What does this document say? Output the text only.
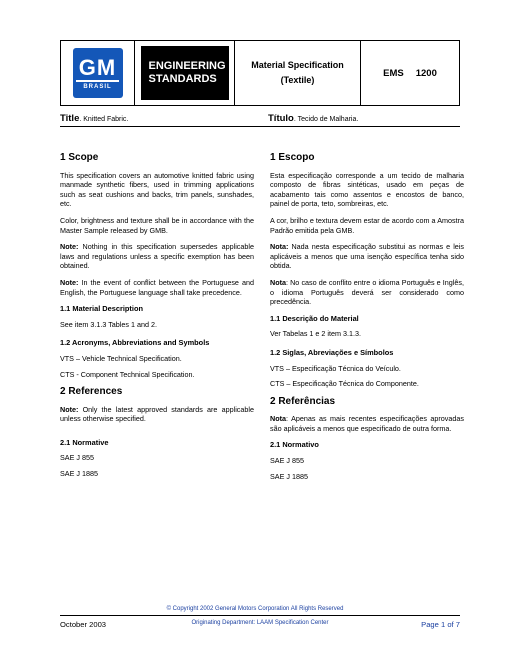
GM
BRASIL
ENGINEERING
STANDARDS
Material Specification
(Textile)
EMS 1200
Title. Knitted Fabric.	Título. Tecido de Malharia.
1 Scope

This specification covers an automotive knitted fabric using manmade synthetic fibers, used in trimming applications such as seat cushions and backs, trim panels, sunshades, etc.

Color, brightness and texture shall be in accordance with the Master Sample released by GMB.

Note: Nothing in this specification supersedes applicable laws and regulations unless a specific exemption has been obtained.

Note: In the event of conflict between the Portuguese and English, the Portuguese language shall take precedence.

1.1 Material Description

See item 3.1.3 Tables 1 and 2.

1.2 Acronyms, Abbreviations and Symbols

VTS – Vehicle Technical Specification.

CTS - Component Technical Specification.

2 References

Note: Only the latest approved standards are applicable unless otherwise specified.

2.1 Normative

SAE J 855

SAE J 1885

1 Escopo

Esta especificação corresponde a um tecido de malharia composto de fibras sintéticas, usado em peças de acabamento tais como assentos e encostos de banco, painel de porta, teto, sombreiras, etc.

A cor, brilho e textura devem estar de acordo com a Amostra Padrão emitida pela GMB.

Nota: Nada nesta especificação substitui as normas e leis aplicáveis a menos que uma isenção específica tenha sido obtida.

Nota: No caso de conflito entre o idioma Português e Inglês, o idioma Português deverá ser considerado como precedência.

1.1 Descrição do Material

Ver Tabelas 1 e 2 item 3.1.3.

1.2 Siglas, Abreviações e Símbolos

VTS – Especificação Técnica do Veículo.

CTS – Especificação Técnica do Componente.

2 Referências

Nota: Apenas as mais recentes especificações aprovadas são aplicáveis a menos que especificado de outra forma.

2.1 Normativo

SAE J 855

SAE J 1885

© Copyright 2002 General Motors Corporation All Rights Reserved
October 2003	Originating Department: LAAM Specification Center	Page 1 of 7
